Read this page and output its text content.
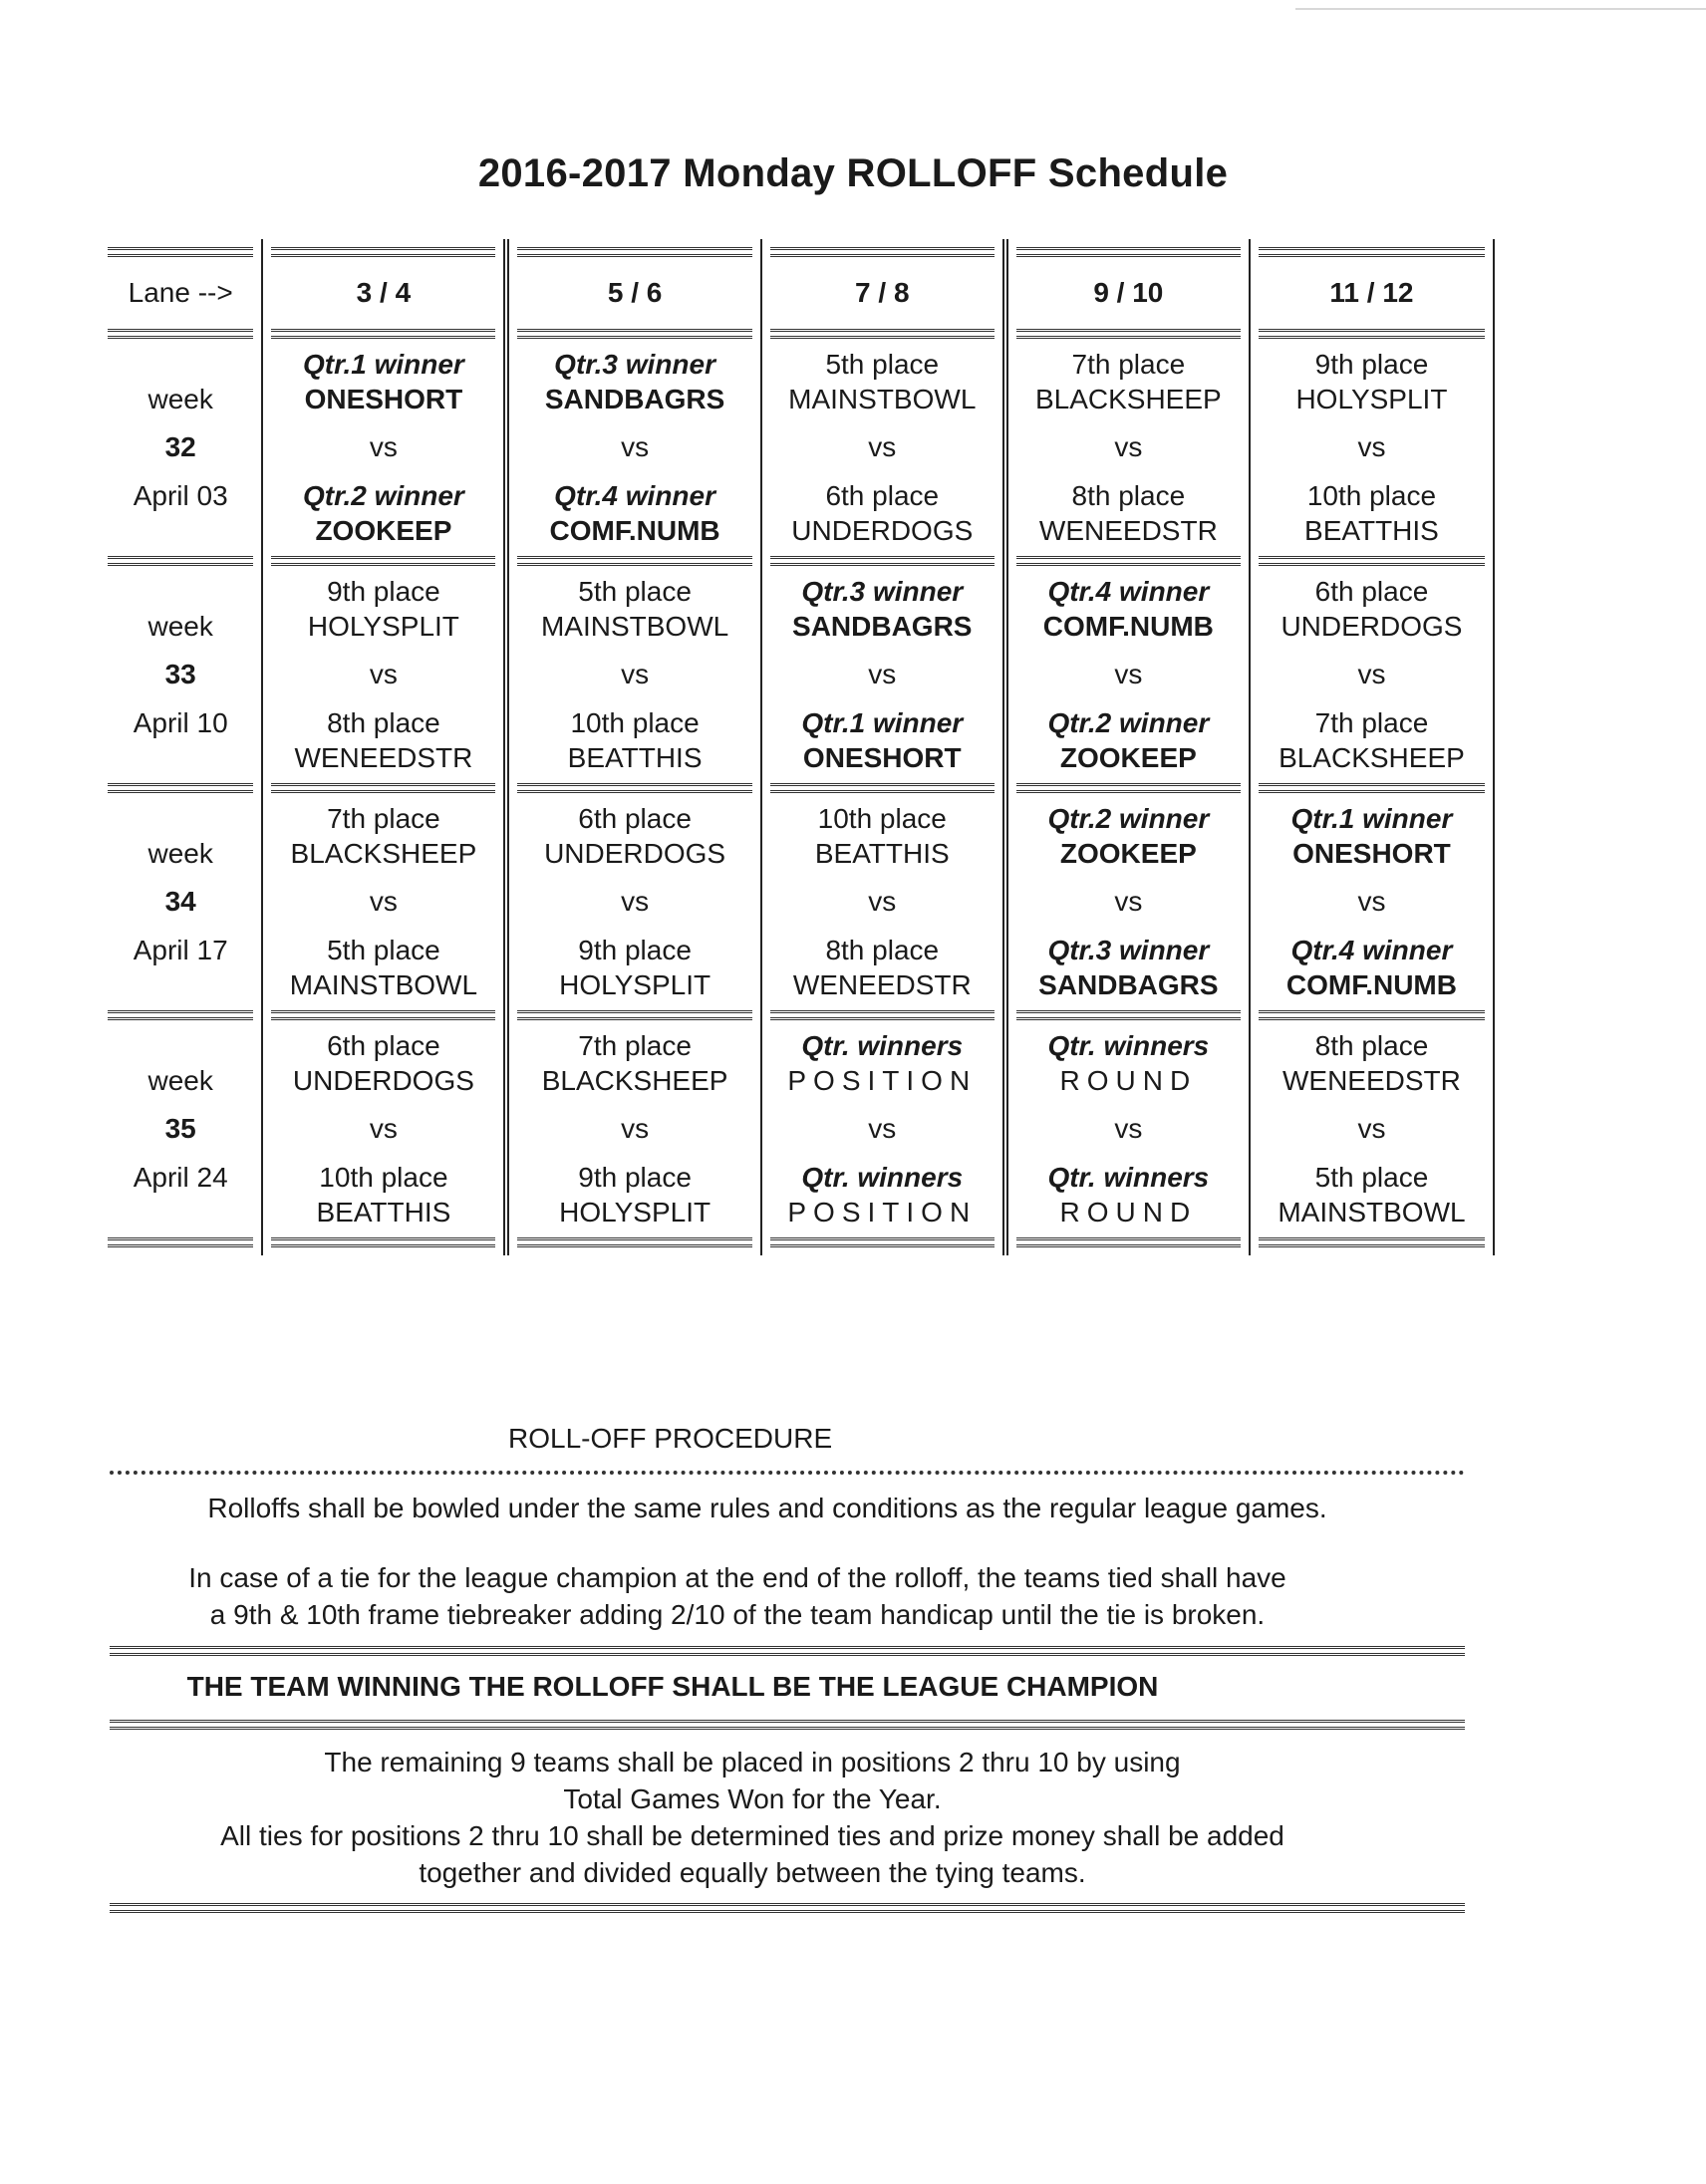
2016-2017 Monday ROLLOFF Schedule

Lane -->	3 / 4	5 / 6	7 / 8	9 / 10	11 / 12

	Qtr.1 winner	Qtr.3 winner	5th place	7th place	9th place
week	ONESHORT	SANDBAGRS	MAINSTBOWL	BLACKSHEEP	HOLYSPLIT
32	vs	vs	vs	vs	vs
April 03	Qtr.2 winner	Qtr.4 winner	6th place	8th place	10th place
	ZOOKEEP	COMF.NUMB	UNDERDOGS	WENEEDSTR	BEATTHIS

	9th place	5th place	Qtr.3 winner	Qtr.4 winner	6th place
week	HOLYSPLIT	MAINSTBOWL	SANDBAGRS	COMF.NUMB	UNDERDOGS
33	vs	vs	vs	vs	vs
April 10	8th place	10th place	Qtr.1 winner	Qtr.2 winner	7th place
	WENEEDSTR	BEATTHIS	ONESHORT	ZOOKEEP	BLACKSHEEP

	7th place	6th place	10th place	Qtr.2 winner	Qtr.1 winner
week	BLACKSHEEP	UNDERDOGS	BEATTHIS	ZOOKEEP	ONESHORT
34	vs	vs	vs	vs	vs
April 17	5th place	9th place	8th place	Qtr.3 winner	Qtr.4 winner
	MAINSTBOWL	HOLYSPLIT	WENEEDSTR	SANDBAGRS	COMF.NUMB

	6th place	7th place	Qtr. winners	Qtr. winners	8th place
week	UNDERDOGS	BLACKSHEEP	POSITION	ROUND	WENEEDSTR
35	vs	vs	vs	vs	vs
April 24	10th place	9th place	Qtr. winners	Qtr. winners	5th place
	BEATTHIS	HOLYSPLIT	POSITION	ROUND	MAINSTBOWL

ROLL-OFF PROCEDURE
Rolloffs shall be bowled under the same rules and conditions as the regular league games.
In case of a tie for the league champion at the end of the rolloff, the teams tied shall have
a 9th & 10th frame tiebreaker adding 2/10 of the team handicap until the tie is broken.
THE TEAM WINNING THE ROLLOFF SHALL BE THE LEAGUE CHAMPION
The remaining 9 teams shall be placed in positions 2 thru 10 by using
Total Games Won for the Year.
All ties for positions 2 thru 10 shall be determined ties and prize money shall be added
together and divided equally between the tying teams.
